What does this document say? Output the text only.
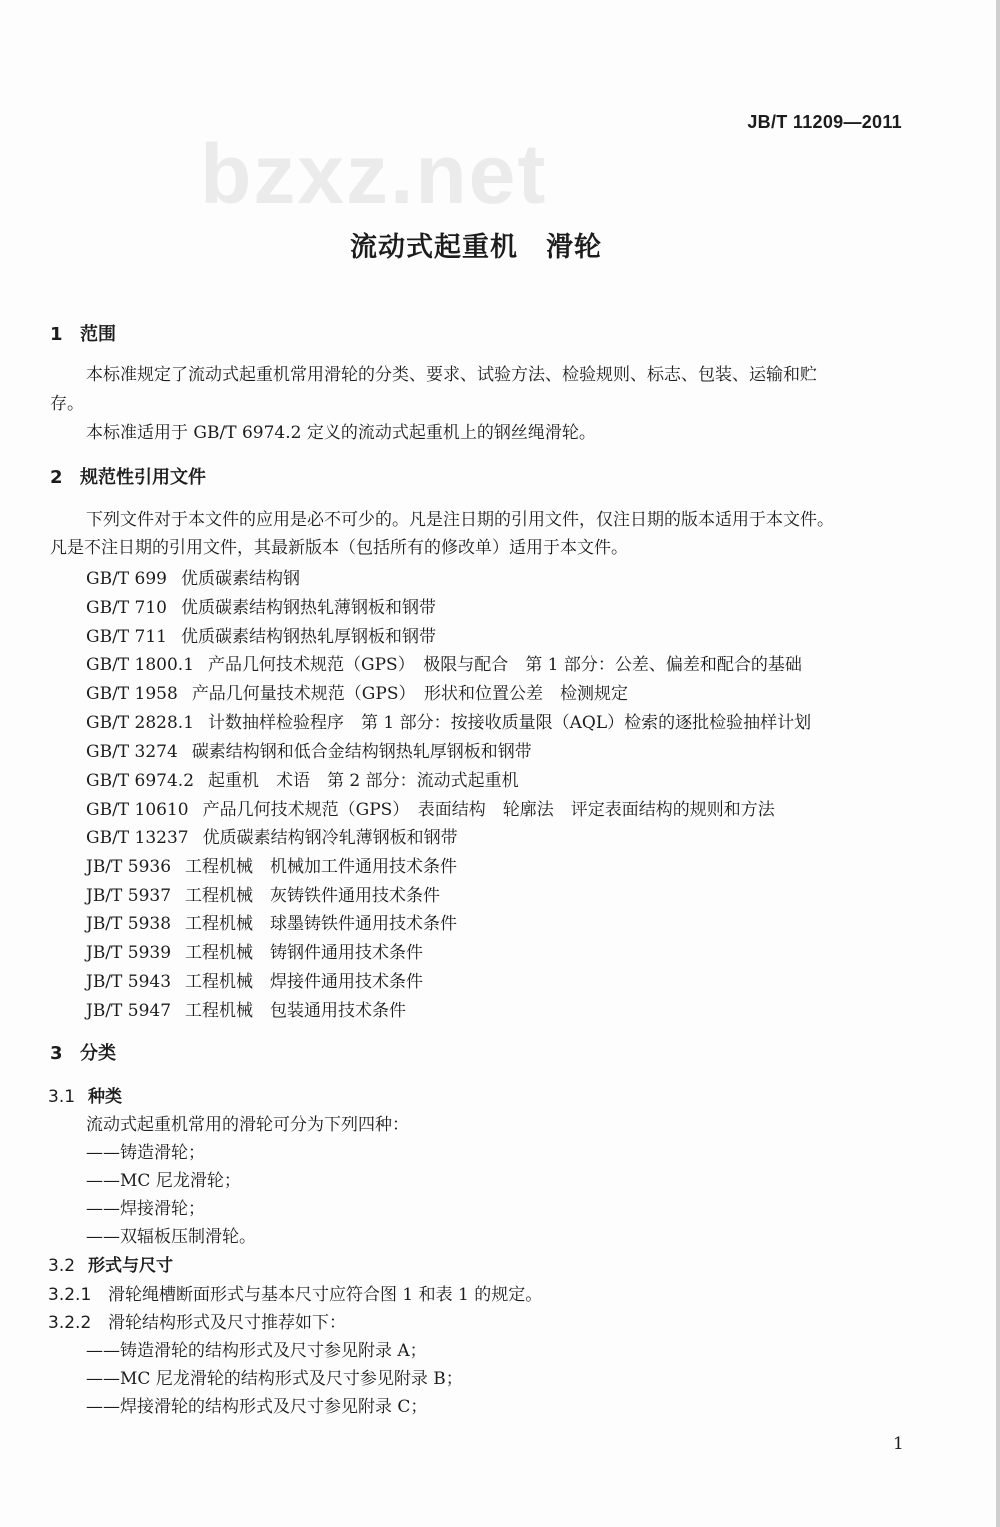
bzxz.net
JB/T 11209—2011
流动式起重机　滑轮
1 范围
本标准规定了流动式起重机常用滑轮的分类、要求、试验方法、检验规则、标志、包装、运输和贮
存。
本标准适用于 GB/T 6974.2 定义的流动式起重机上的钢丝绳滑轮。
2 规范性引用文件
下列文件对于本文件的应用是必不可少的。凡是注日期的引用文件，仅注日期的版本适用于本文件。
凡是不注日期的引用文件，其最新版本（包括所有的修改单）适用于本文件。
GB/T 699 优质碳素结构钢
GB/T 710 优质碳素结构钢热轧薄钢板和钢带
GB/T 711 优质碳素结构钢热轧厚钢板和钢带
GB/T 1800.1 产品几何技术规范（GPS）　极限与配合　第 1 部分：公差、偏差和配合的基础
GB/T 1958 产品几何量技术规范（GPS）　形状和位置公差　检测规定
GB/T 2828.1 计数抽样检验程序　第 1 部分：按接收质量限（AQL）检索的逐批检验抽样计划
GB/T 3274 碳素结构钢和低合金结构钢热轧厚钢板和钢带
GB/T 6974.2 起重机　术语　第 2 部分：流动式起重机
GB/T 10610 产品几何技术规范（GPS）　表面结构　轮廓法　评定表面结构的规则和方法
GB/T 13237 优质碳素结构钢冷轧薄钢板和钢带
JB/T 5936 工程机械　机械加工件通用技术条件
JB/T 5937 工程机械　灰铸铁件通用技术条件
JB/T 5938 工程机械　球墨铸铁件通用技术条件
JB/T 5939 工程机械　铸钢件通用技术条件
JB/T 5943 工程机械　焊接件通用技术条件
JB/T 5947 工程机械　包装通用技术条件
3 分类
3.1 种类
流动式起重机常用的滑轮可分为下列四种：
——铸造滑轮；
——MC 尼龙滑轮；
——焊接滑轮；
——双辐板压制滑轮。
3.2 形式与尺寸
3.2.1 滑轮绳槽断面形式与基本尺寸应符合图 1 和表 1 的规定。
3.2.2 滑轮结构形式及尺寸推荐如下：
——铸造滑轮的结构形式及尺寸参见附录 A；
——MC 尼龙滑轮的结构形式及尺寸参见附录 B；
——焊接滑轮的结构形式及尺寸参见附录 C；
1
